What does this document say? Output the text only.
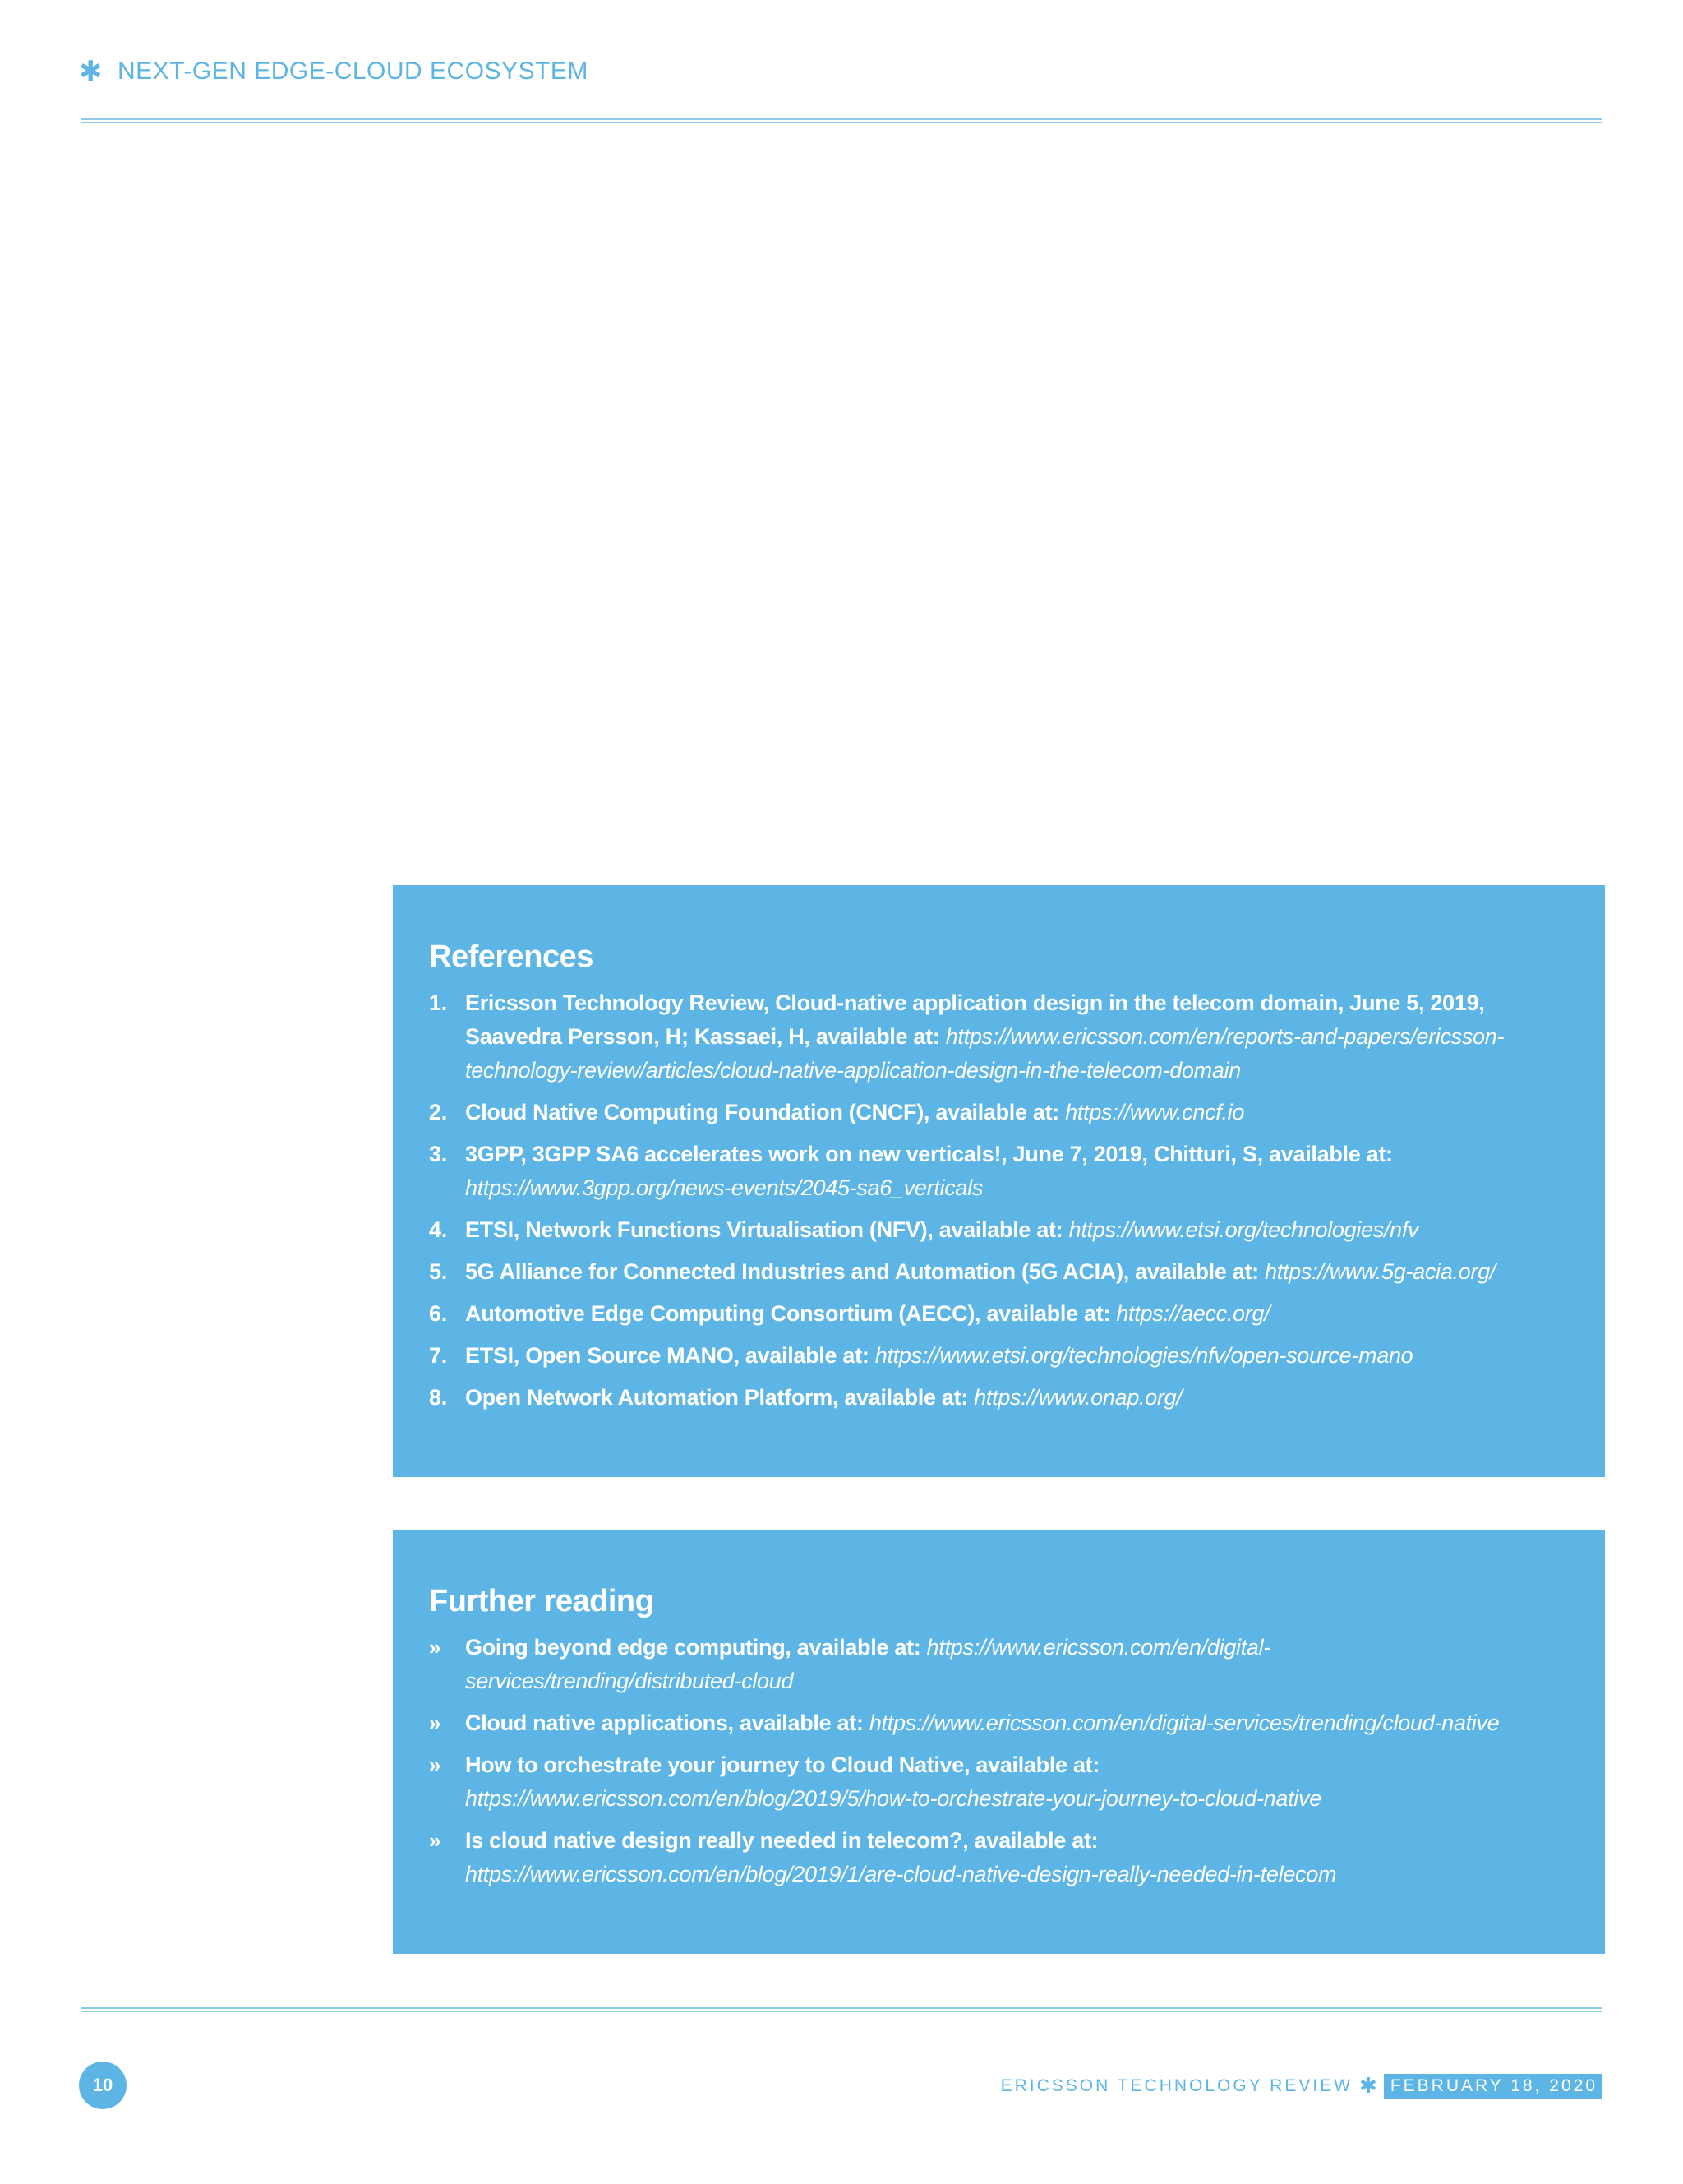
✱ NEXT-GEN EDGE-CLOUD ECOSYSTEM
References
1. Ericsson Technology Review, Cloud-native application design in the telecom domain, June 5, 2019, Saavedra Persson, H; Kassaei, H, available at: https://www.ericsson.com/en/reports-and-papers/ericsson-technology-review/articles/cloud-native-application-design-in-the-telecom-domain
2. Cloud Native Computing Foundation (CNCF), available at: https://www.cncf.io
3. 3GPP, 3GPP SA6 accelerates work on new verticals!, June 7, 2019, Chitturi, S, available at: https://www.3gpp.org/news-events/2045-sa6_verticals
4. ETSI, Network Functions Virtualisation (NFV), available at: https://www.etsi.org/technologies/nfv
5. 5G Alliance for Connected Industries and Automation (5G ACIA), available at: https://www.5g-acia.org/
6. Automotive Edge Computing Consortium (AECC), available at: https://aecc.org/
7. ETSI, Open Source MANO, available at: https://www.etsi.org/technologies/nfv/open-source-mano
8. Open Network Automation Platform, available at: https://www.onap.org/
Further reading
» Going beyond edge computing, available at: https://www.ericsson.com/en/digital-services/trending/distributed-cloud
» Cloud native applications, available at: https://www.ericsson.com/en/digital-services/trending/cloud-native
» How to orchestrate your journey to Cloud Native, available at: https://www.ericsson.com/en/blog/2019/5/how-to-orchestrate-your-journey-to-cloud-native
» Is cloud native design really needed in telecom?, available at: https://www.ericsson.com/en/blog/2019/1/are-cloud-native-design-really-needed-in-telecom
10	ERICSSON TECHNOLOGY REVIEW ✱ FEBRUARY 18, 2020
